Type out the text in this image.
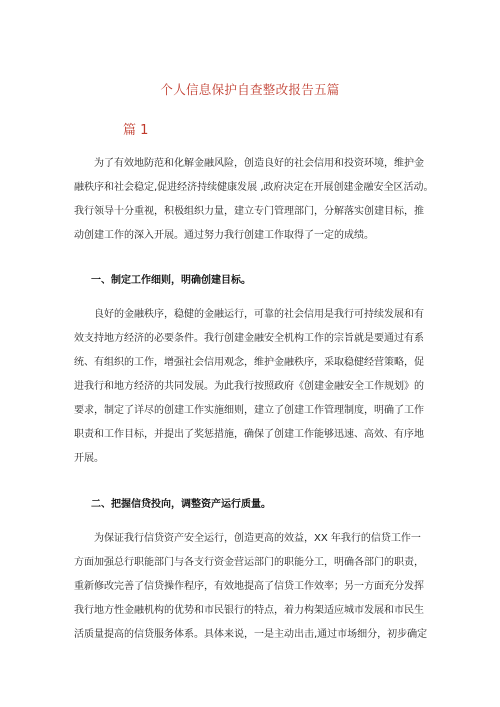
个人信息保护自查整改报告五篇
篇 1
为了有效地防范和化解金融风险，创造良好的社会信用和投资环境，维护金
融秩序和社会稳定,促进经济持续健康发展 ,政府决定在开展创建金融安全区活动。
我行领导十分重视，积极组织力量，建立专门管理部门，分解落实创建目标，推
动创建工作的深入开展。通过努力我行创建工作取得了一定的成绩。
一、制定工作细则，明确创建目标。
良好的金融秩序，稳健的金融运行，可靠的社会信用是我行可持续发展和有
效支持地方经济的必要条件。我行创建金融安全机构工作的宗旨就是要通过有系
统、有组织的工作，增强社会信用观念，维护金融秩序，采取稳健经营策略，促
进我行和地方经济的共同发展。为此我行按照政府《创建金融安全工作规划》的
要求，制定了详尽的创建工作实施细则，建立了创建工作管理制度，明确了工作
职责和工作目标，并提出了奖惩措施，确保了创建工作能够迅速、高效、有序地
开展。
二、把握信贷投向，调整资产运行质量。
为保证我行信贷资产安全运行，创造更高的效益，XX 年我行的信贷工作一
方面加强总行职能部门与各支行资金营运部门的职能分工，明确各部门的职责，
重新修改完善了信贷操作程序，有效地提高了信贷工作效率；另一方面充分发挥
我行地方性金融机构的优势和市民银行的特点，着力构架适应城市发展和市民生
活质量提高的信贷服务体系。具体来说，一是主动出击,通过市场细分，初步确定
